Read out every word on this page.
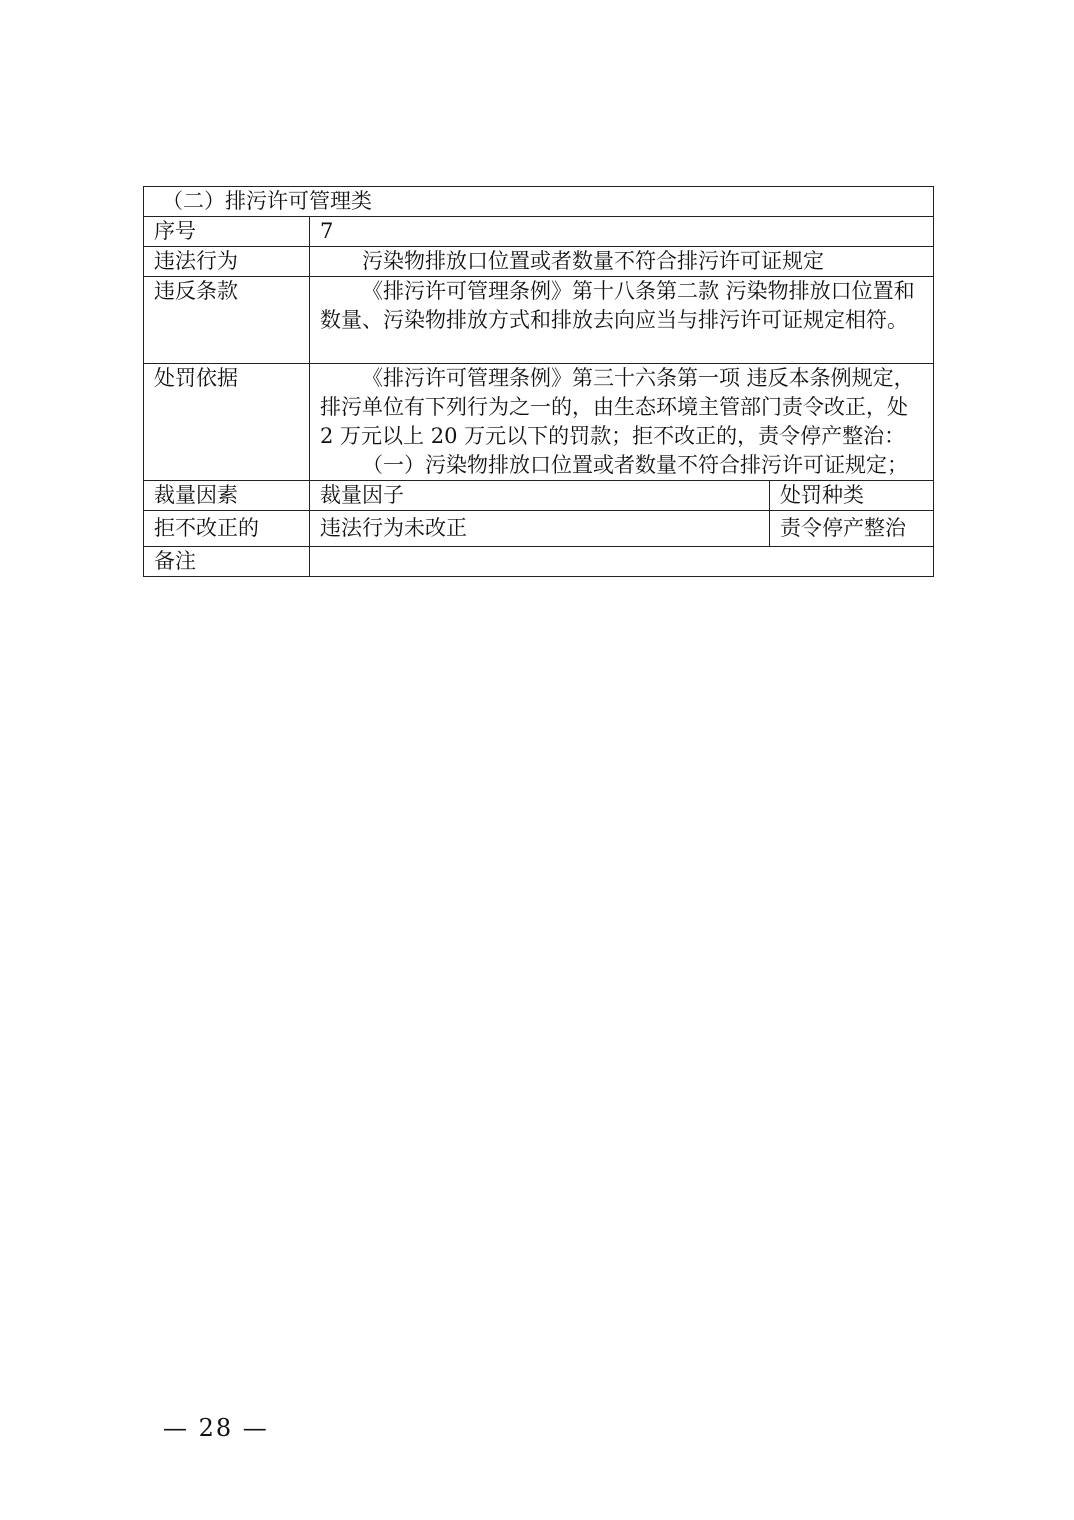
（二）排污许可管理类		
序号	7	
违法行为	污染物排放口位置或者数量不符合排污许可证规定	
违反条款	《排污许可管理条例》第十八条第二款 污染物排放口位置和数量、污染物排放方式和排放去向应当与排污许可证规定相符。	
处罚依据	《排污许可管理条例》第三十六条第一项 违反本条例规定，排污单位有下列行为之一的，由生态环境主管部门责令改正，处 2 万元以上 20 万元以下的罚款；拒不改正的，责令停产整治：
（一）污染物排放口位置或者数量不符合排污许可证规定；	

裁量因素	裁量因子	处罚种类
拒不改正的	违法行为未改正	责令停产整治
备注		
— 28 —
